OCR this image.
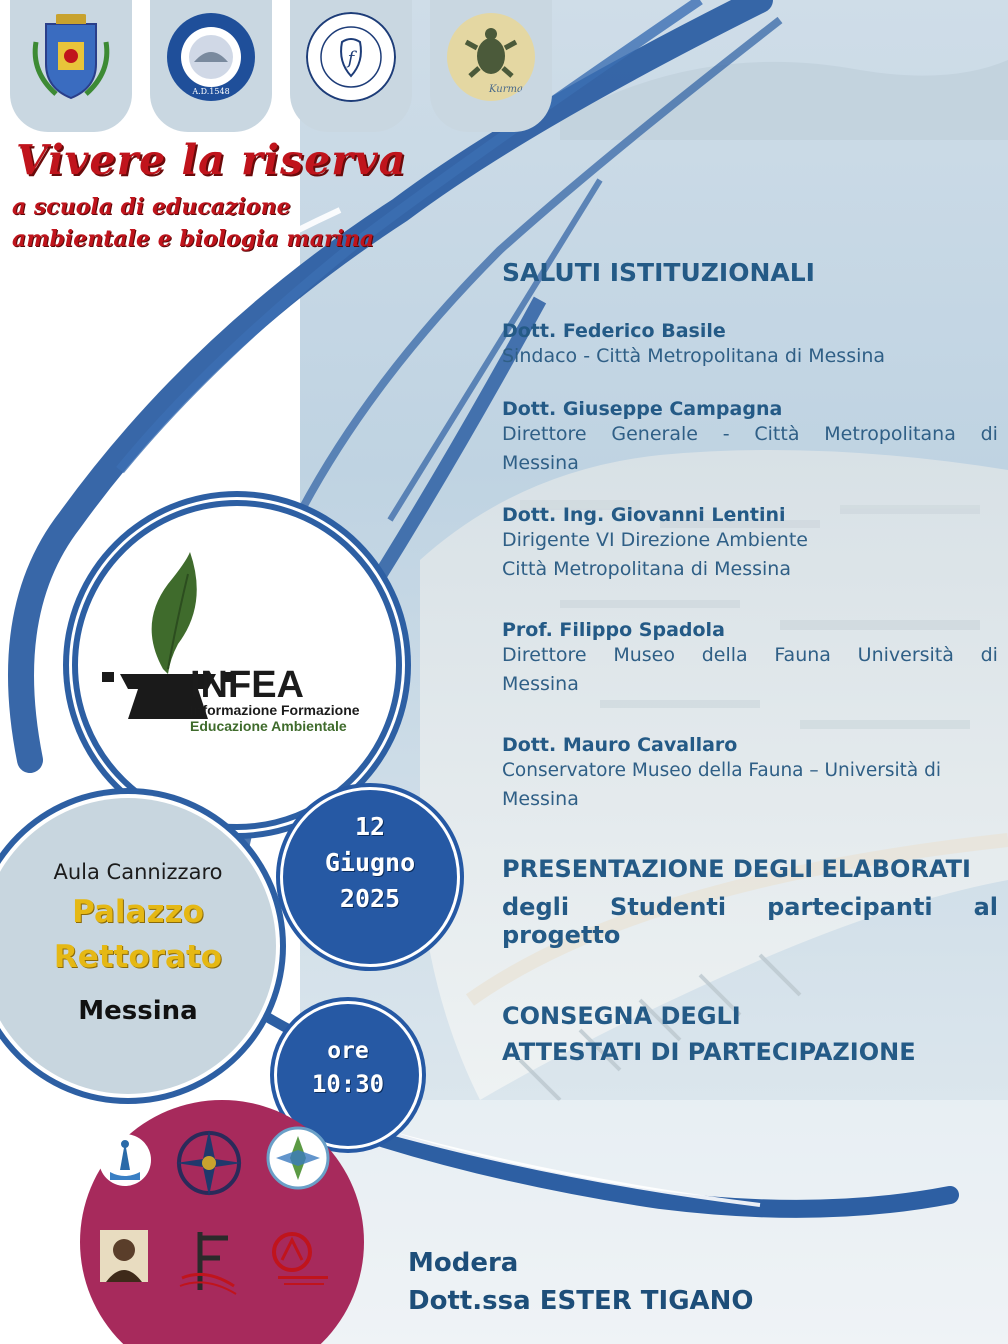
A.D.1548
f
Kurma
Vivere la riserva
a scuola di educazione
ambientale e biologia marina
SALUTI ISTITUZIONALI
Dott. Federico Basile
Sindaco - Città Metropolitana di Messina
Dott. Giuseppe Campagna
Direttore Generale - Città Metropolitana di
Messina
Dott. Ing. Giovanni Lentini
Dirigente VI Direzione Ambiente
Città Metropolitana di Messina
Prof. Filippo Spadola
Direttore Museo della Fauna Università di
Messina
Dott. Mauro Cavallaro
Conservatore Museo della Fauna – Università di
Messina
PRESENTAZIONE DEGLI ELABORATI
degli Studenti partecipanti al
progetto
CONSEGNA DEGLI
ATTESTATI DI PARTECIPAZIONE
INFEA
Informazione Formazione
Educazione Ambientale
Aula Cannizzaro
Palazzo
Rettorato
Messina
12
Giugno
2025
ore
10:30
Modera
Dott.ssa ESTER TIGANO
